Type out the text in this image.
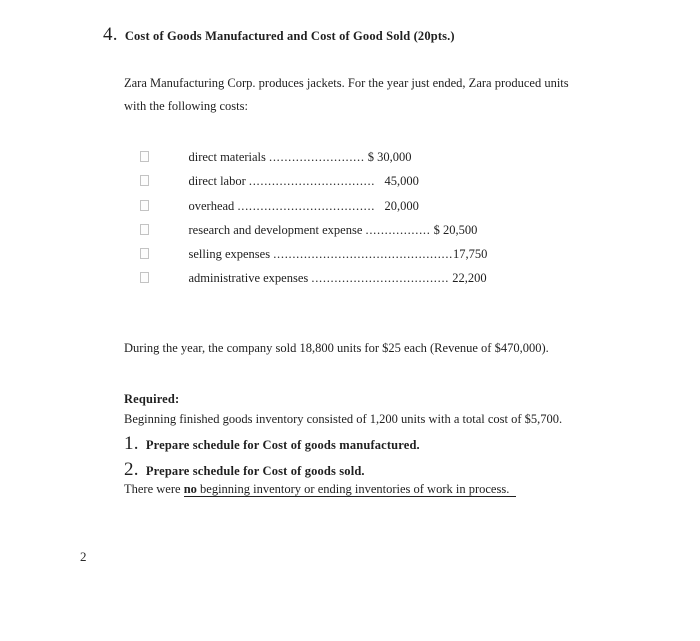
4. Cost of Goods Manufactured and Cost of Good Sold (20pts.)
Zara Manufacturing Corp. produces jackets. For the year just ended, Zara produced units
with the following costs:

direct materials ......................... $ 30,000

direct labor .................................   45,000

overhead ....................................   20,000

research and development expense ................. $ 20,500

selling expenses ...............................................17,750

administrative expenses .................................... 22,200

During the year, the company sold 18,800 units for $25 each (Revenue of $470,000).

Beginning finished goods inventory consisted of 1,200 units with a total cost of $5,700.

There were no beginning inventory or ending inventories of work in process.

Required:
1. Prepare schedule for Cost of goods manufactured.
2. Prepare schedule for Cost of goods sold.
2
